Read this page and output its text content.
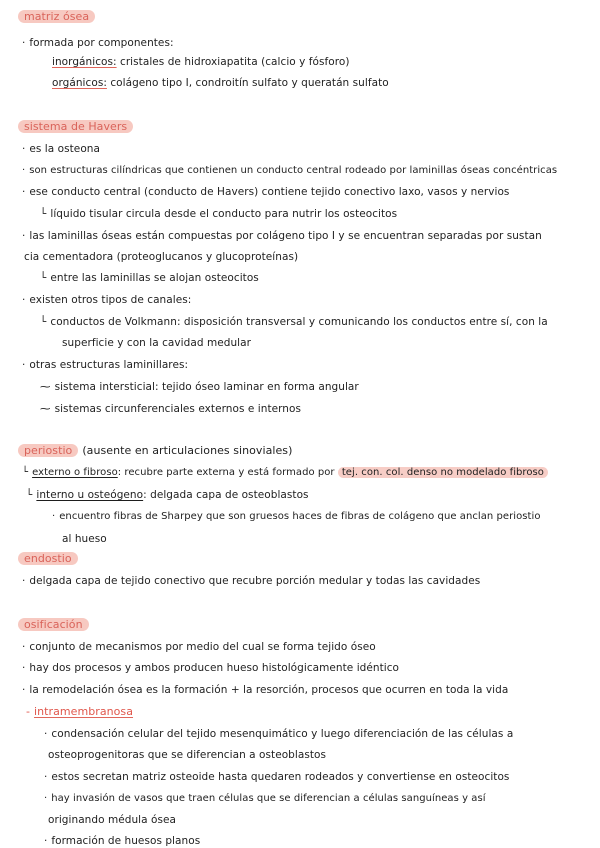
matriz ósea
· formada por componentes:
inorgánicos: cristales de hidroxiapatita (calcio y fósforo)
orgánicos: colágeno tipo I, condroitín sulfato y queratán sulfato
sistema de Havers
· es la osteona
· son estructuras cilíndricas que contienen un conducto central rodeado por laminillas óseas concéntricas
· ese conducto central (conducto de Havers) contiene tejido conectivo laxo, vasos y nervios
└ líquido tisular circula desde el conducto para nutrir los osteocitos
· las laminillas óseas están compuestas por colágeno tipo I y se encuentran separadas por sustan
cia cementadora (proteoglucanos y glucoproteínas)
└ entre las laminillas se alojan osteocitos
· existen otros tipos de canales:
└ conductos de Volkmann: disposición transversal y comunicando los conductos entre sí, con la
superficie y con la cavidad medular
· otras estructuras laminillares:
⁓ sistema intersticial: tejido óseo laminar en forma angular
⁓ sistemas circunferenciales externos e internos
periostio (ausente en articulaciones sinoviales)
└ externo o fibroso: recubre parte externa y está formado por tej. con. col. denso no modelado fibroso
└ interno u osteógeno: delgada capa de osteoblastos
· encuentro fibras de Sharpey que son gruesos haces de fibras de colágeno que anclan periostio
al hueso
endostio
· delgada capa de tejido conectivo que recubre porción medular y todas las cavidades
osificación
· conjunto de mecanismos por medio del cual se forma tejido óseo
· hay dos procesos y ambos producen hueso histológicamente idéntico
· la remodelación ósea es la formación + la resorción, procesos que ocurren en toda la vida
- intramembranosa
· condensación celular del tejido mesenquimático y luego diferenciación de las células a
osteoprogenitoras que se diferencian a osteoblastos
· estos secretan matriz osteoide hasta quedaren rodeados y convertiense en osteocitos
· hay invasión de vasos que traen células que se diferencian a células sanguíneas y así
originando médula ósea
· formación de huesos planos
